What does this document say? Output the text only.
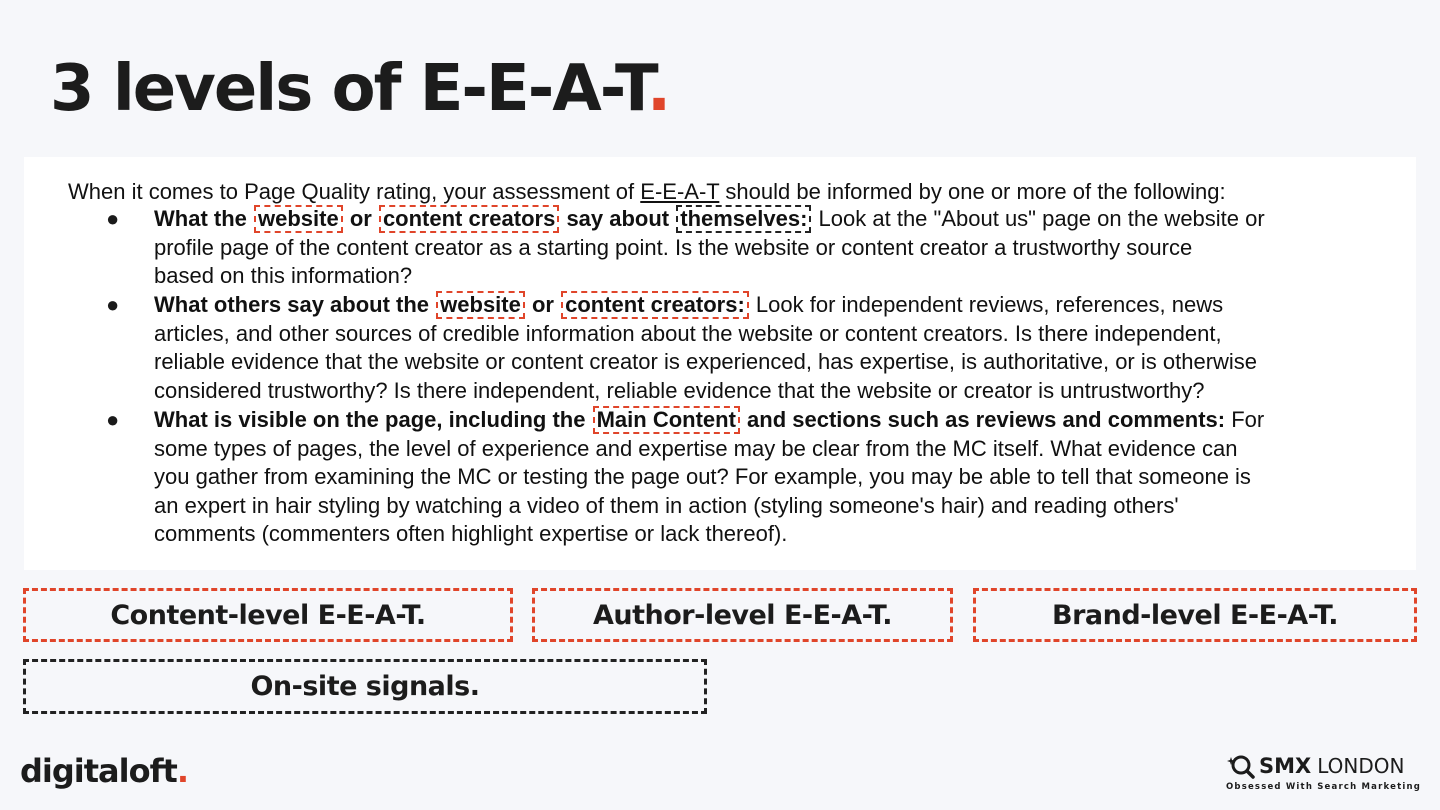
3 levels of E-E-A-T.
When it comes to Page Quality rating, your assessment of E-E-A-T should be informed by one or more of the following:
● What the website or content creators say about themselves: Look at the "About us" page on the website or
profile page of the content creator as a starting point. Is the website or content creator a trustworthy source
based on this information?
● What others say about the website or content creators: Look for independent reviews, references, news
articles, and other sources of credible information about the website or content creators. Is there independent,
reliable evidence that the website or content creator is experienced, has expertise, is authoritative, or is otherwise
considered trustworthy? Is there independent, reliable evidence that the website or creator is untrustworthy?
● What is visible on the page, including the Main Content and sections such as reviews and comments: For
some types of pages, the level of experience and expertise may be clear from the MC itself. What evidence can
you gather from examining the MC or testing the page out? For example, you may be able to tell that someone is
an expert in hair styling by watching a video of them in action (styling someone's hair) and reading others'
comments (commenters often highlight expertise or lack thereof).
Content-level E-E-A-T.	Author-level E-E-A-T.	Brand-level E-E-A-T.
On-site signals.
digitaloft.	SMX LONDON
Obsessed With Search Marketing
